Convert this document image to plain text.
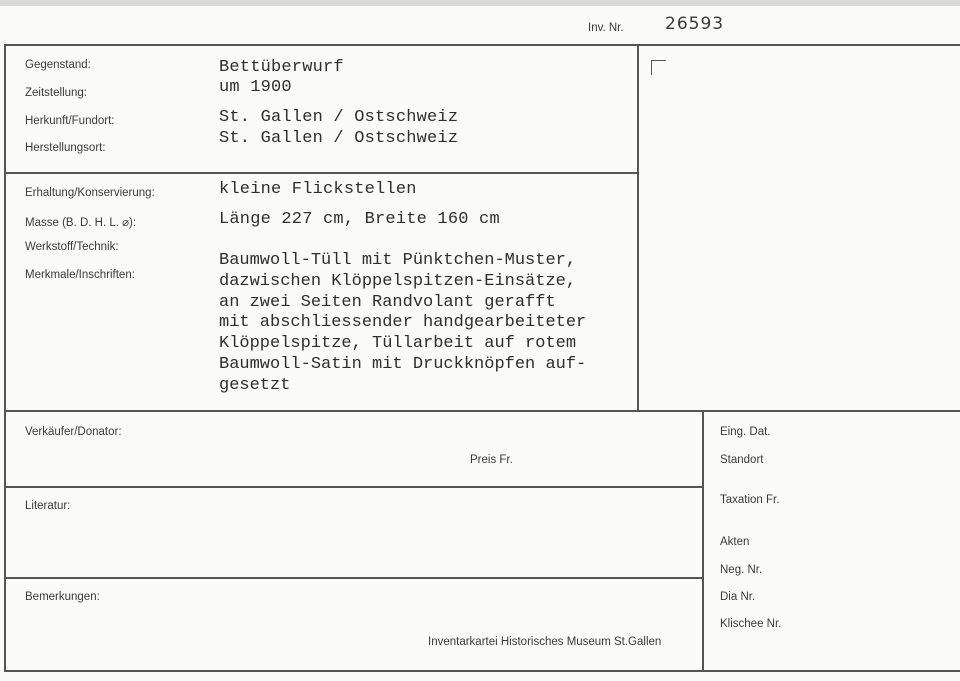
Inv. Nr. 26593
Gegenstand:
Zeitstellung:
Herkunft/Fundort:
Herstellungsort:
Bettüberwurf
um 1900
St. Gallen / Ostschweiz
St. Gallen / Ostschweiz
Erhaltung/Konservierung:
Masse (B. D. H. L. ⌀):
Werkstoff/Technik:
Merkmale/Inschriften:
kleine Flickstellen
Länge 227 cm, Breite 160 cm
Baumwoll-Tüll mit Pünktchen-Muster,
dazwischen Klöppelspitzen-Einsätze,
an zwei Seiten Randvolant gerafft
mit abschliessender handgearbeiteter
Klöppelspitze, Tüllarbeit auf rotem
Baumwoll-Satin mit Druckknöpfen auf-
gesetzt
Verkäufer/Donator:
Preis Fr.
Literatur:
Bemerkungen:
Inventarkartei Historisches Museum St.Gallen
Eing. Dat.
Standort
Taxation Fr.
Akten
Neg. Nr.
Dia Nr.
Klischee Nr.
